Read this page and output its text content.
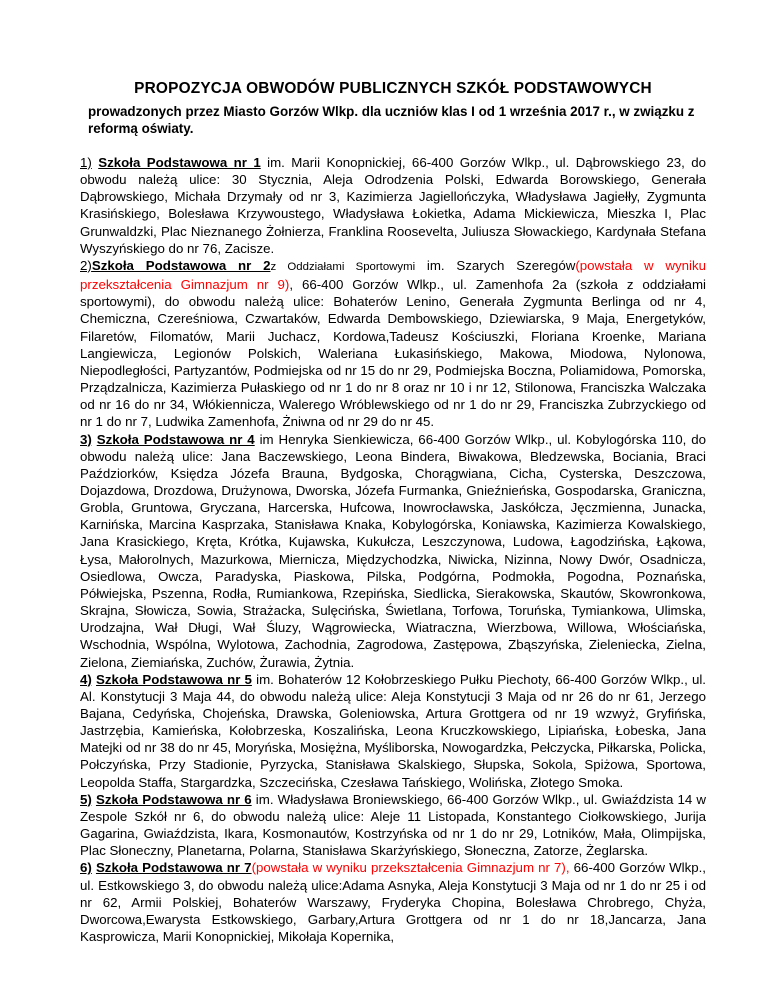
PROPOZYCJA OBWODÓW PUBLICZNYCH SZKÓŁ PODSTAWOWYCH
prowadzonych przez Miasto Gorzów Wlkp. dla uczniów klas I od 1 września 2017 r., w związku z reformą oświaty.

1) Szkoła Podstawowa nr 1 im. Marii Konopnickiej, 66-400 Gorzów Wlkp., ul. Dąbrowskiego 23, do obwodu należą ulice: 30 Stycznia, Aleja Odrodzenia Polski, Edwarda Borowskiego, Generała Dąbrowskiego, Michała Drzymały od nr 3, Kazimierza Jagiellończyka, Władysława Jagiełły, Zygmunta Krasińskiego, Bolesława Krzywoustego, Władysława Łokietka, Adama Mickiewicza, Mieszka I, Plac Grunwaldzki, Plac Nieznanego Żołnierza, Franklina Roosevelta, Juliusza Słowackiego, Kardynała Stefana Wyszyńskiego do nr 76, Zacisze.

2)Szkoła Podstawowa nr 2z Oddziałami Sportowymi im. Szarych Szeregów(powstała w wyniku przekształcenia Gimnazjum nr 9), 66-400 Gorzów Wlkp., ul. Zamenhofa 2a (szkoła z oddziałami sportowymi), do obwodu należą ulice: Bohaterów Lenino, Generała Zygmunta Berlinga od nr 4, Chemiczna, Czereśniowa, Czwartaków, Edwarda Dembowskiego, Dziewiarska, 9 Maja, Energetyków, Filaretów, Filomatów, Marii Juchacz, Kordowa,Tadeusz Kościuszki, Floriana Kroenke, Mariana Langiewicza, Legionów Polskich, Waleriana Łukasińskiego, Makowa, Miodowa, Nylonowa, Niepodległości, Partyzantów, Podmiejska od nr 15 do nr 29, Podmiejska Boczna, Poliamidowa, Pomorska, Prządzalnicza, Kazimierza Pułaskiego od nr 1 do nr 8 oraz nr 10 i nr 12, Stilonowa, Franciszka Walczaka od nr 16 do nr 34, Włókiennicza, Walerego Wróblewskiego od nr 1 do nr 29, Franciszka Zubrzyckiego od nr 1 do nr 7, Ludwika Zamenhofa, Żniwna od nr 29 do nr 45.

3) Szkoła Podstawowa nr 4 im Henryka Sienkiewicza, 66-400 Gorzów Wlkp., ul. Kobylogórska 110, do obwodu należą ulice: Jana Baczewskiego, Leona Bindera, Biwakowa, Bledzewska, Bociania, Braci Paździorków, Księdza Józefa Brauna, Bydgoska, Chorągwiana, Cicha, Cysterska, Deszczowa, Dojazdowa, Drozdowa, Drużynowa, Dworska, Józefa Furmanka, Gnieźnieńska, Gospodarska, Graniczna, Grobla, Gruntowa, Gryczana, Harcerska, Hufcowa, Inowrocławska, Jaskółcza, Jęczmienna, Junacka, Karnińska, Marcina Kasprzaka, Stanisława Knaka, Kobylogórska, Koniawska, Kazimierza Kowalskiego, Jana Krasickiego, Kręta, Krótka, Kujawska, Kukułcza, Leszczynowa, Ludowa, Łagodzińska, Łąkowa, Łysa, Małorolnych, Mazurkowa, Miernicza, Międzychodzka, Niwicka, Nizinna, Nowy Dwór, Osadnicza, Osiedlowa, Owcza, Paradyska, Piaskowa, Pilska, Podgórna, Podmokła, Pogodna, Poznańska, Półwiejska, Pszenna, Rodła, Rumiankowa, Rzepińska, Siedlicka, Sierakowska, Skautów, Skowronkowa, Skrajna, Słowicza, Sowia, Strażacka, Sulęcińska, Świetlana, Torfowa, Toruńska, Tymiankowa, Ulimska, Urodzajna, Wał Długi, Wał Śluzy, Wągrowiecka, Wiatraczna, Wierzbowa, Willowa, Włościańska, Wschodnia, Wspólna, Wylotowa, Zachodnia, Zagrodowa, Zastępowa, Zbąszyńska, Zieleniecka, Zielna, Zielona, Ziemiańska, Zuchów, Żurawia, Żytnia.

4) Szkoła Podstawowa nr 5 im. Bohaterów 12 Kołobrzeskiego Pułku Piechoty, 66-400 Gorzów Wlkp., ul. Al. Konstytucji 3 Maja 44, do obwodu należą ulice: Aleja Konstytucji 3 Maja od nr 26 do nr 61, Jerzego Bajana, Cedyńska, Chojeńska, Drawska, Goleniowska, Artura Grottgera od nr 19 wzwyż, Gryfińska, Jastrzębia, Kamieńska, Kołobrzeska, Koszalińska, Leona Kruczkowskiego, Lipiańska, Łobeska, Jana Matejki od nr 38 do nr 45, Moryńska, Mosiężna, Myśliborska, Nowogardzka, Pełczycka, Piłkarska, Policka, Połczyńska, Przy Stadionie, Pyrzycka, Stanisława Skalskiego, Słupska, Sokola, Spiżowa, Sportowa, Leopolda Staffa, Stargardzka, Szczecińska, Czesława Tańskiego, Wolińska, Złotego Smoka.

5) Szkoła Podstawowa nr 6 im. Władysława Broniewskiego, 66-400 Gorzów Wlkp., ul. Gwiaździsta 14 w Zespole Szkół nr 6, do obwodu należą ulice: Aleje 11 Listopada, Konstantego Ciołkowskiego, Jurija Gagarina, Gwiaździsta, Ikara, Kosmonautów, Kostrzyńska od nr 1 do nr 29, Lotników, Mała, Olimpijska, Plac Słoneczny, Planetarna, Polarna, Stanisława Skarżyńskiego, Słoneczna, Zatorze, Żeglarska.

6) Szkoła Podstawowa nr 7(powstała w wyniku przekształcenia Gimnazjum nr 7), 66-400 Gorzów Wlkp., ul. Estkowskiego 3, do obwodu należą ulice:Adama Asnyka, Aleja Konstytucji 3 Maja od nr 1 do nr 25 i od nr 62, Armii Polskiej, Bohaterów Warszawy, Fryderyka Chopina, Bolesława Chrobrego, Chyża, Dworcowa,Ewarysta Estkowskiego, Garbary,Artura Grottgera od nr 1 do nr 18,Jancarza, Jana Kasprowicza, Marii Konopnickiej, Mikołaja Kopernika,
